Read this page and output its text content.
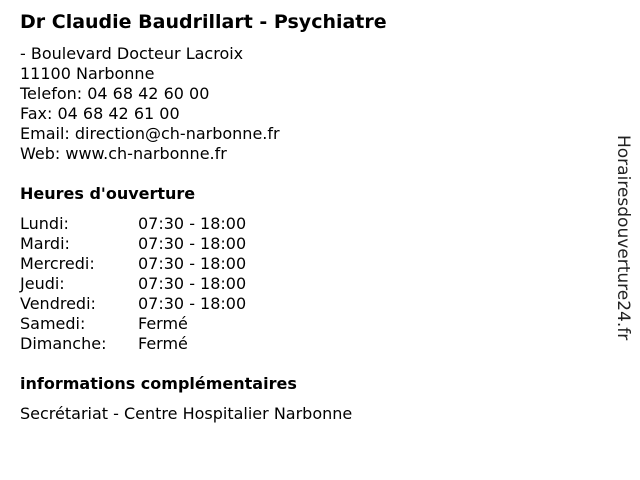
Dr Claudie Baudrillart - Psychiatre
- Boulevard Docteur Lacroix
11100 Narbonne
Telefon: 04 68 42 60 00
Fax: 04 68 42 61 00
Email: direction@ch-narbonne.fr
Web: www.ch-narbonne.fr
Heures d'ouverture
Lundi:	07:30 - 18:00
Mardi:	07:30 - 18:00
Mercredi:	07:30 - 18:00
Jeudi:	07:30 - 18:00
Vendredi:	07:30 - 18:00
Samedi:	Fermé
Dimanche:	Fermé
informations complémentaires
Secrétariat - Centre Hospitalier Narbonne
Horairesdouverture24.fr
